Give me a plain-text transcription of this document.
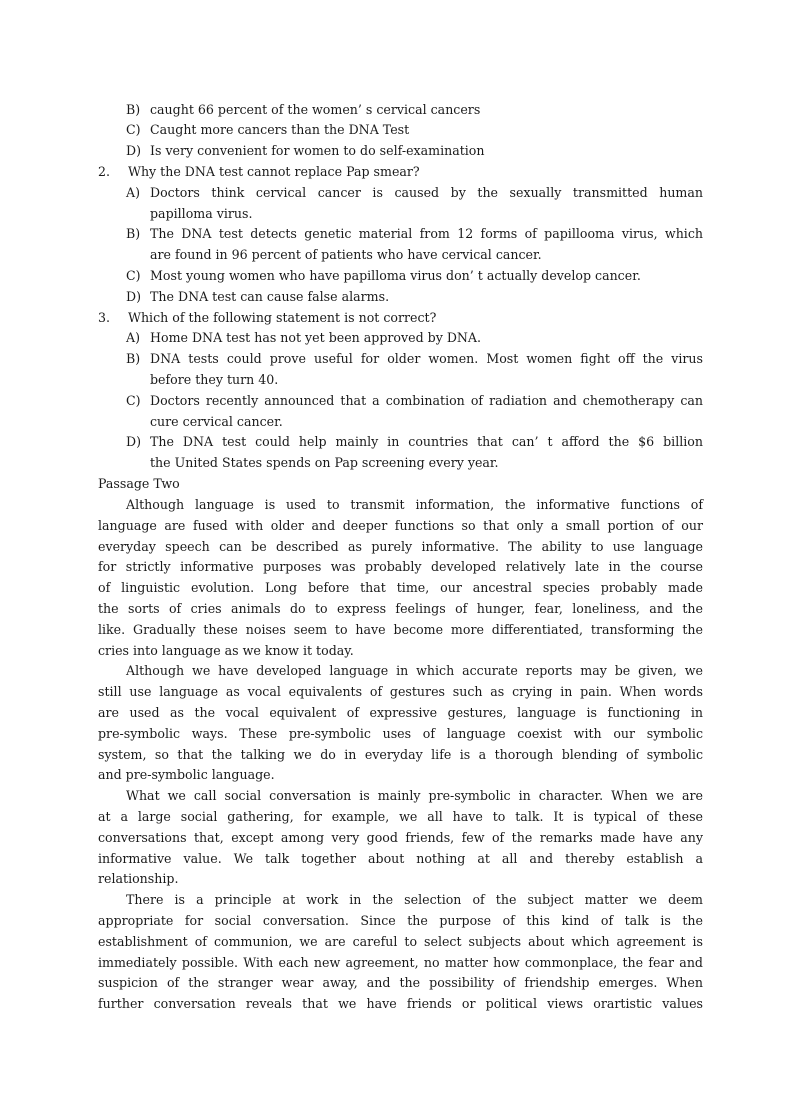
B) caught 66 percent of the women’ s cervical cancers
C) Caught more cancers than the DNA Test
D) Is very convenient for women to do self-examination
2. Why the DNA test cannot replace Pap smear?
A) Doctors think cervical cancer is caused by the sexually transmitted human
papilloma virus.
B) The DNA test detects genetic material from 12 forms of papillooma virus, which
are found in 96 percent of patients who have cervical cancer.
C) Most young women who have papilloma virus don’ t actually develop cancer.
D) The DNA test can cause false alarms.
3. Which of the following statement is not correct?
A) Home DNA test has not yet been approved by DNA.
B) DNA tests could prove useful for older women. Most women fight off the virus
before they turn 40.
C) Doctors recently announced that a combination of radiation and chemotherapy can
cure cervical cancer.
D) The DNA test could help mainly in countries that can’ t afford the $6 billion
the United States spends on Pap screening every year.
Passage Two
Although language is used to transmit information, the informative functions of
language are fused with older and deeper functions so that only a small portion of our
everyday speech can be described as purely informative. The ability to use language
for strictly informative purposes was probably developed relatively late in the course
of linguistic evolution. Long before that time, our ancestral species probably made
the sorts of cries animals do to express feelings of hunger, fear, loneliness, and the
like. Gradually these noises seem to have become more differentiated, transforming the
cries into language as we know it today.
Although we have developed language in which accurate reports may be given, we
still use language as vocal equivalents of gestures such as crying in pain. When words
are used as the vocal equivalent of expressive gestures, language is functioning in
pre-symbolic ways. These pre-symbolic uses of language coexist with our symbolic
system, so that the talking we do in everyday life is a thorough blending of symbolic
and pre-symbolic language.
What we call social conversation is mainly pre-symbolic in character. When we are
at a large social gathering, for example, we all have to talk. It is typical of these
conversations that, except among very good friends, few of the remarks made have any
informative value. We talk together about nothing at all and thereby establish a
relationship.
There is a principle at work in the selection of the subject matter we deem
appropriate for social conversation. Since the purpose of this kind of talk is the
establishment of communion, we are careful to select subjects about which agreement is
immediately possible. With each new agreement, no matter how commonplace, the fear and
suspicion of the stranger wear away, and the possibility of friendship emerges. When
further conversation reveals that we have friends or political views orartistic values
